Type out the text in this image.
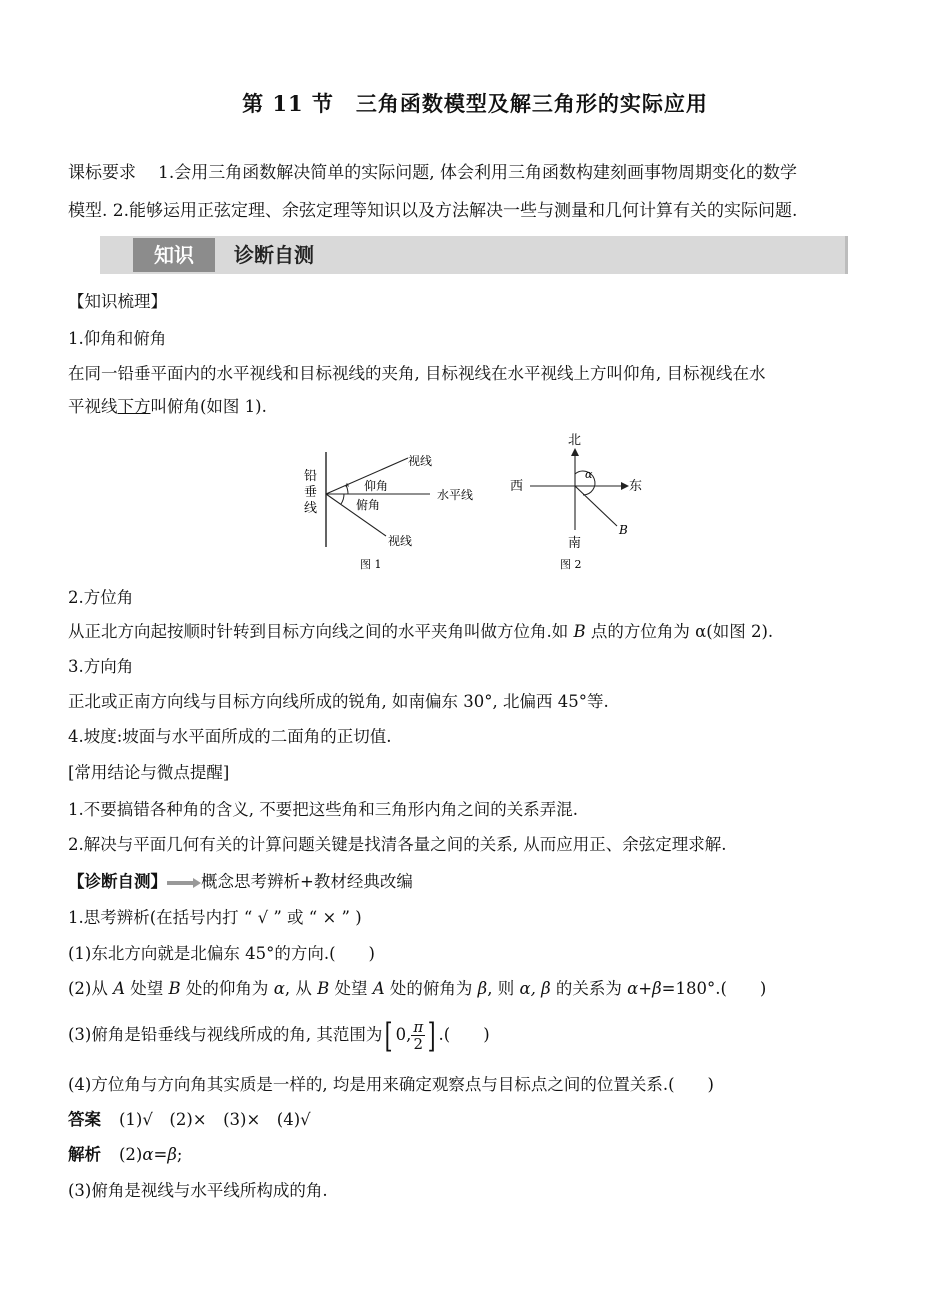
第 11 节　三角函数模型及解三角形的实际应用
课标要求 1.会用三角函数解决简单的实际问题, 体会利用三角函数构建刻画事物周期变化的数学
模型. 2.能够运用正弦定理、余弦定理等知识以及方法解决一些与测量和几何计算有关的实际问题.
知识	诊断自测
【知识梳理】
1.仰角和俯角
在同一铅垂平面内的水平视线和目标视线的夹角, 目标视线在水平视线上方叫仰角, 目标视线在水
平视线下方叫俯角(如图 1).
铅
垂
线
视线
仰角
水平线
俯角
视线
图 1
北
西	东
南
α
B
图 2
2.方位角
从正北方向起按顺时针转到目标方向线之间的水平夹角叫做方位角.如 B 点的方位角为 α(如图 2).
3.方向角
正北或正南方向线与目标方向线所成的锐角, 如南偏东 30°, 北偏西 45°等.
4.坡度:坡面与水平面所成的二面角的正切值.
[常用结论与微点提醒]
1.不要搞错各种角的含义, 不要把这些角和三角形内角之间的关系弄混.
2.解决与平面几何有关的计算问题关键是找清各量之间的关系, 从而应用正、余弦定理求解.
【诊断自测】 概念思考辨析+教材经典改编
1.思考辨析(在括号内打 “ √ ” 或 “ × ” )
(1)东北方向就是北偏东 45°的方向.(　　)
(2)从 A 处望 B 处的仰角为 α, 从 B 处望 A 处的俯角为 β, 则 α, β 的关系为 α+β=180°.(　　)
(3)俯角是铅垂线与视线所成的角, 其范围为[ 0, $\frac{\pi}{2}$ ] .(　　)
(4)方位角与方向角其实质是一样的, 均是用来确定观察点与目标点之间的位置关系.(　　)
答案 (1)√　(2)×　(3)×　(4)√
解析 (2)α=β;
(3)俯角是视线与水平线所构成的角.
